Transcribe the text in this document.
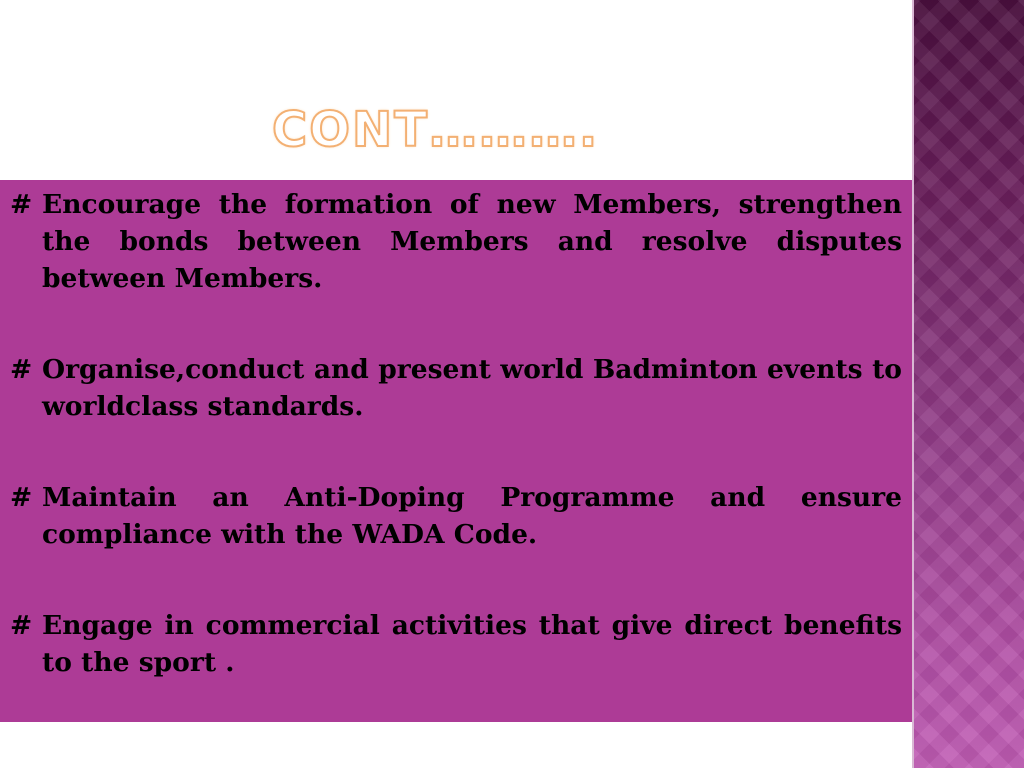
CONT……….

# Encourage the formation of new Members, strengthen the bonds between Members and resolve disputes between Members.

# Organise,conduct and present world Badminton events to worldclass standards.

# Maintain an Anti-Doping Programme and ensure compliance with the WADA Code.

# Engage in commercial activities that give direct benefits to the sport .
